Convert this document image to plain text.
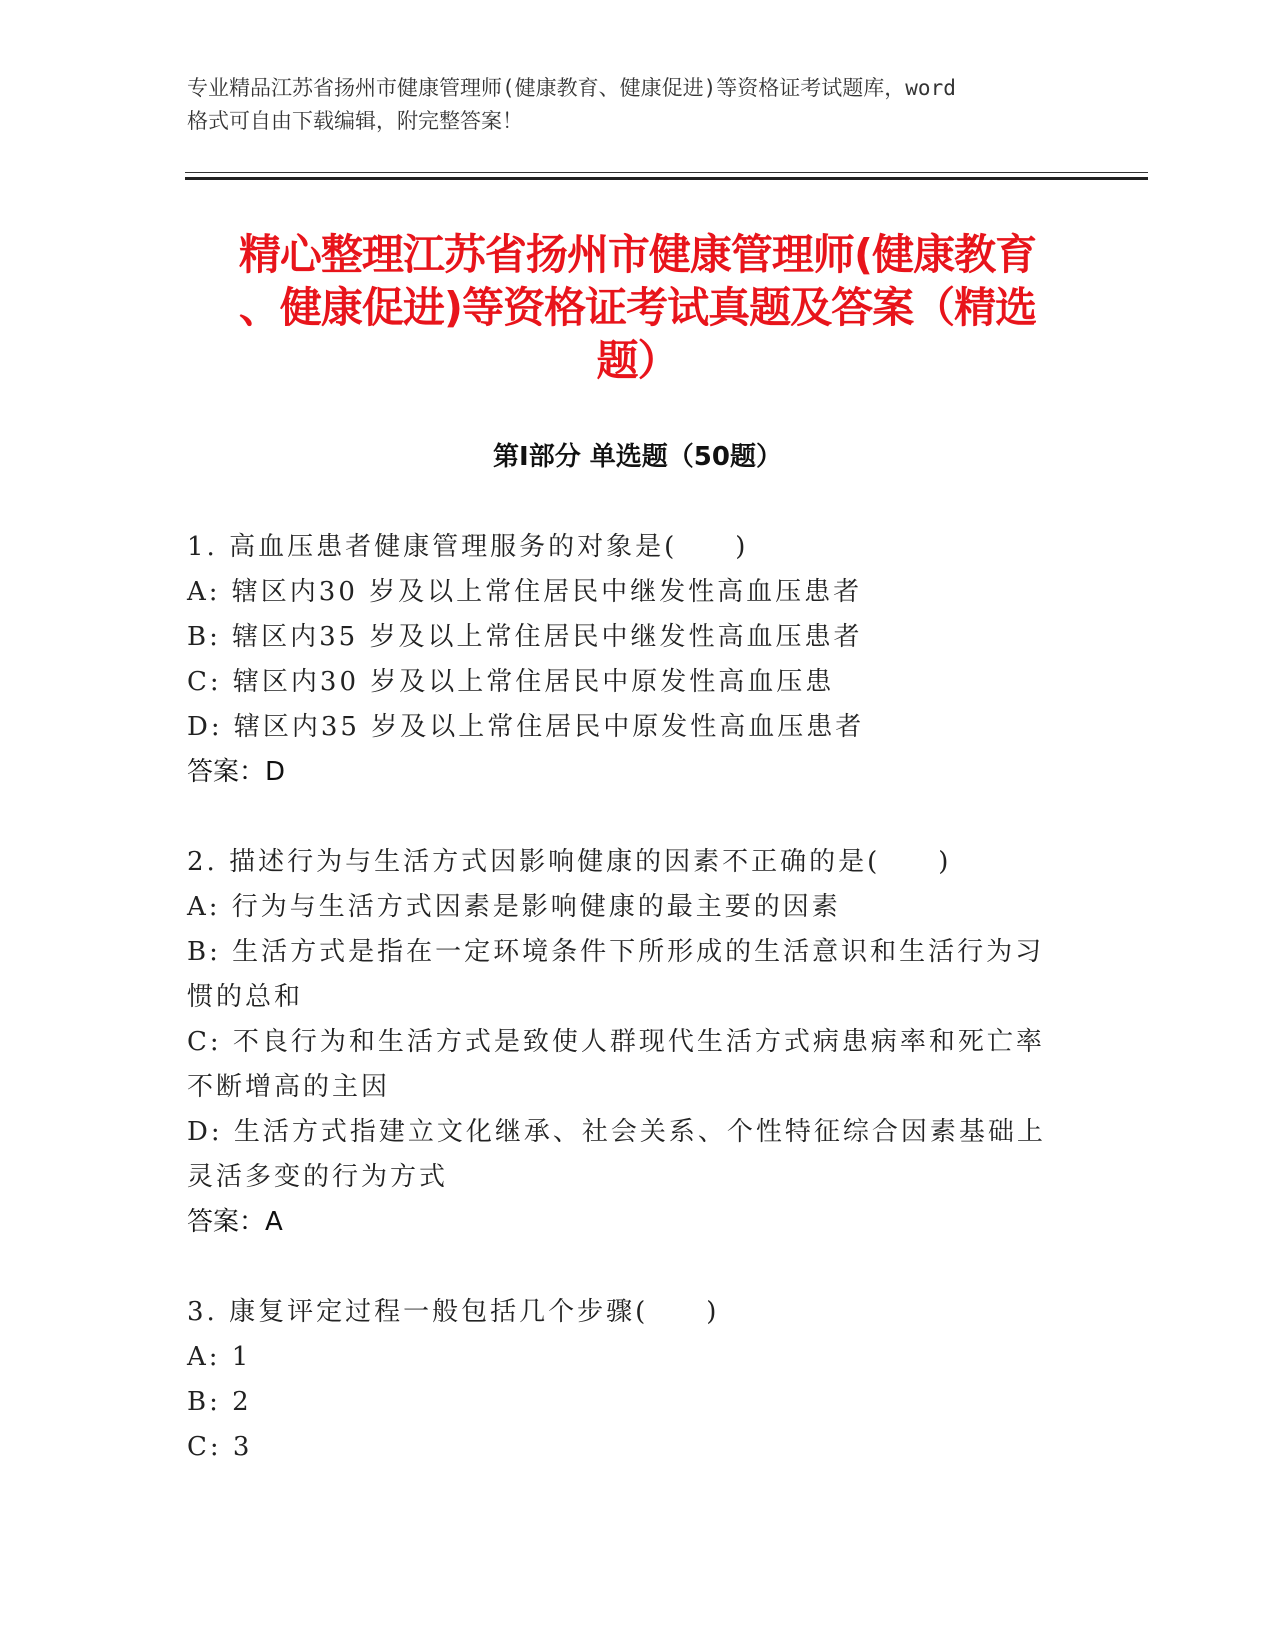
专业精品江苏省扬州市健康管理师(健康教育、健康促进)等资格证考试题库，word
格式可自由下载编辑，附完整答案！
精心整理江苏省扬州市健康管理师(健康教育
、健康促进)等资格证考试真题及答案（精选
题）
第Ⅰ部分 单选题（50题）

1. 高血压患者健康管理服务的对象是(　　)

A: 辖区内30 岁及以上常住居民中继发性高血压患者

B: 辖区内35 岁及以上常住居民中继发性高血压患者

C: 辖区内30 岁及以上常住居民中原发性高血压患

D: 辖区内35 岁及以上常住居民中原发性高血压患者

答案：D

2. 描述行为与生活方式因影响健康的因素不正确的是(　　)

A: 行为与生活方式因素是影响健康的最主要的因素

B: 生活方式是指在一定环境条件下所形成的生活意识和生活行为习惯的总和

C: 不良行为和生活方式是致使人群现代生活方式病患病率和死亡率不断增高的主因

D: 生活方式指建立文化继承、社会关系、个性特征综合因素基础上灵活多变的行为方式

答案：A

3. 康复评定过程一般包括几个步骤(　　)

A: 1

B: 2

C: 3
